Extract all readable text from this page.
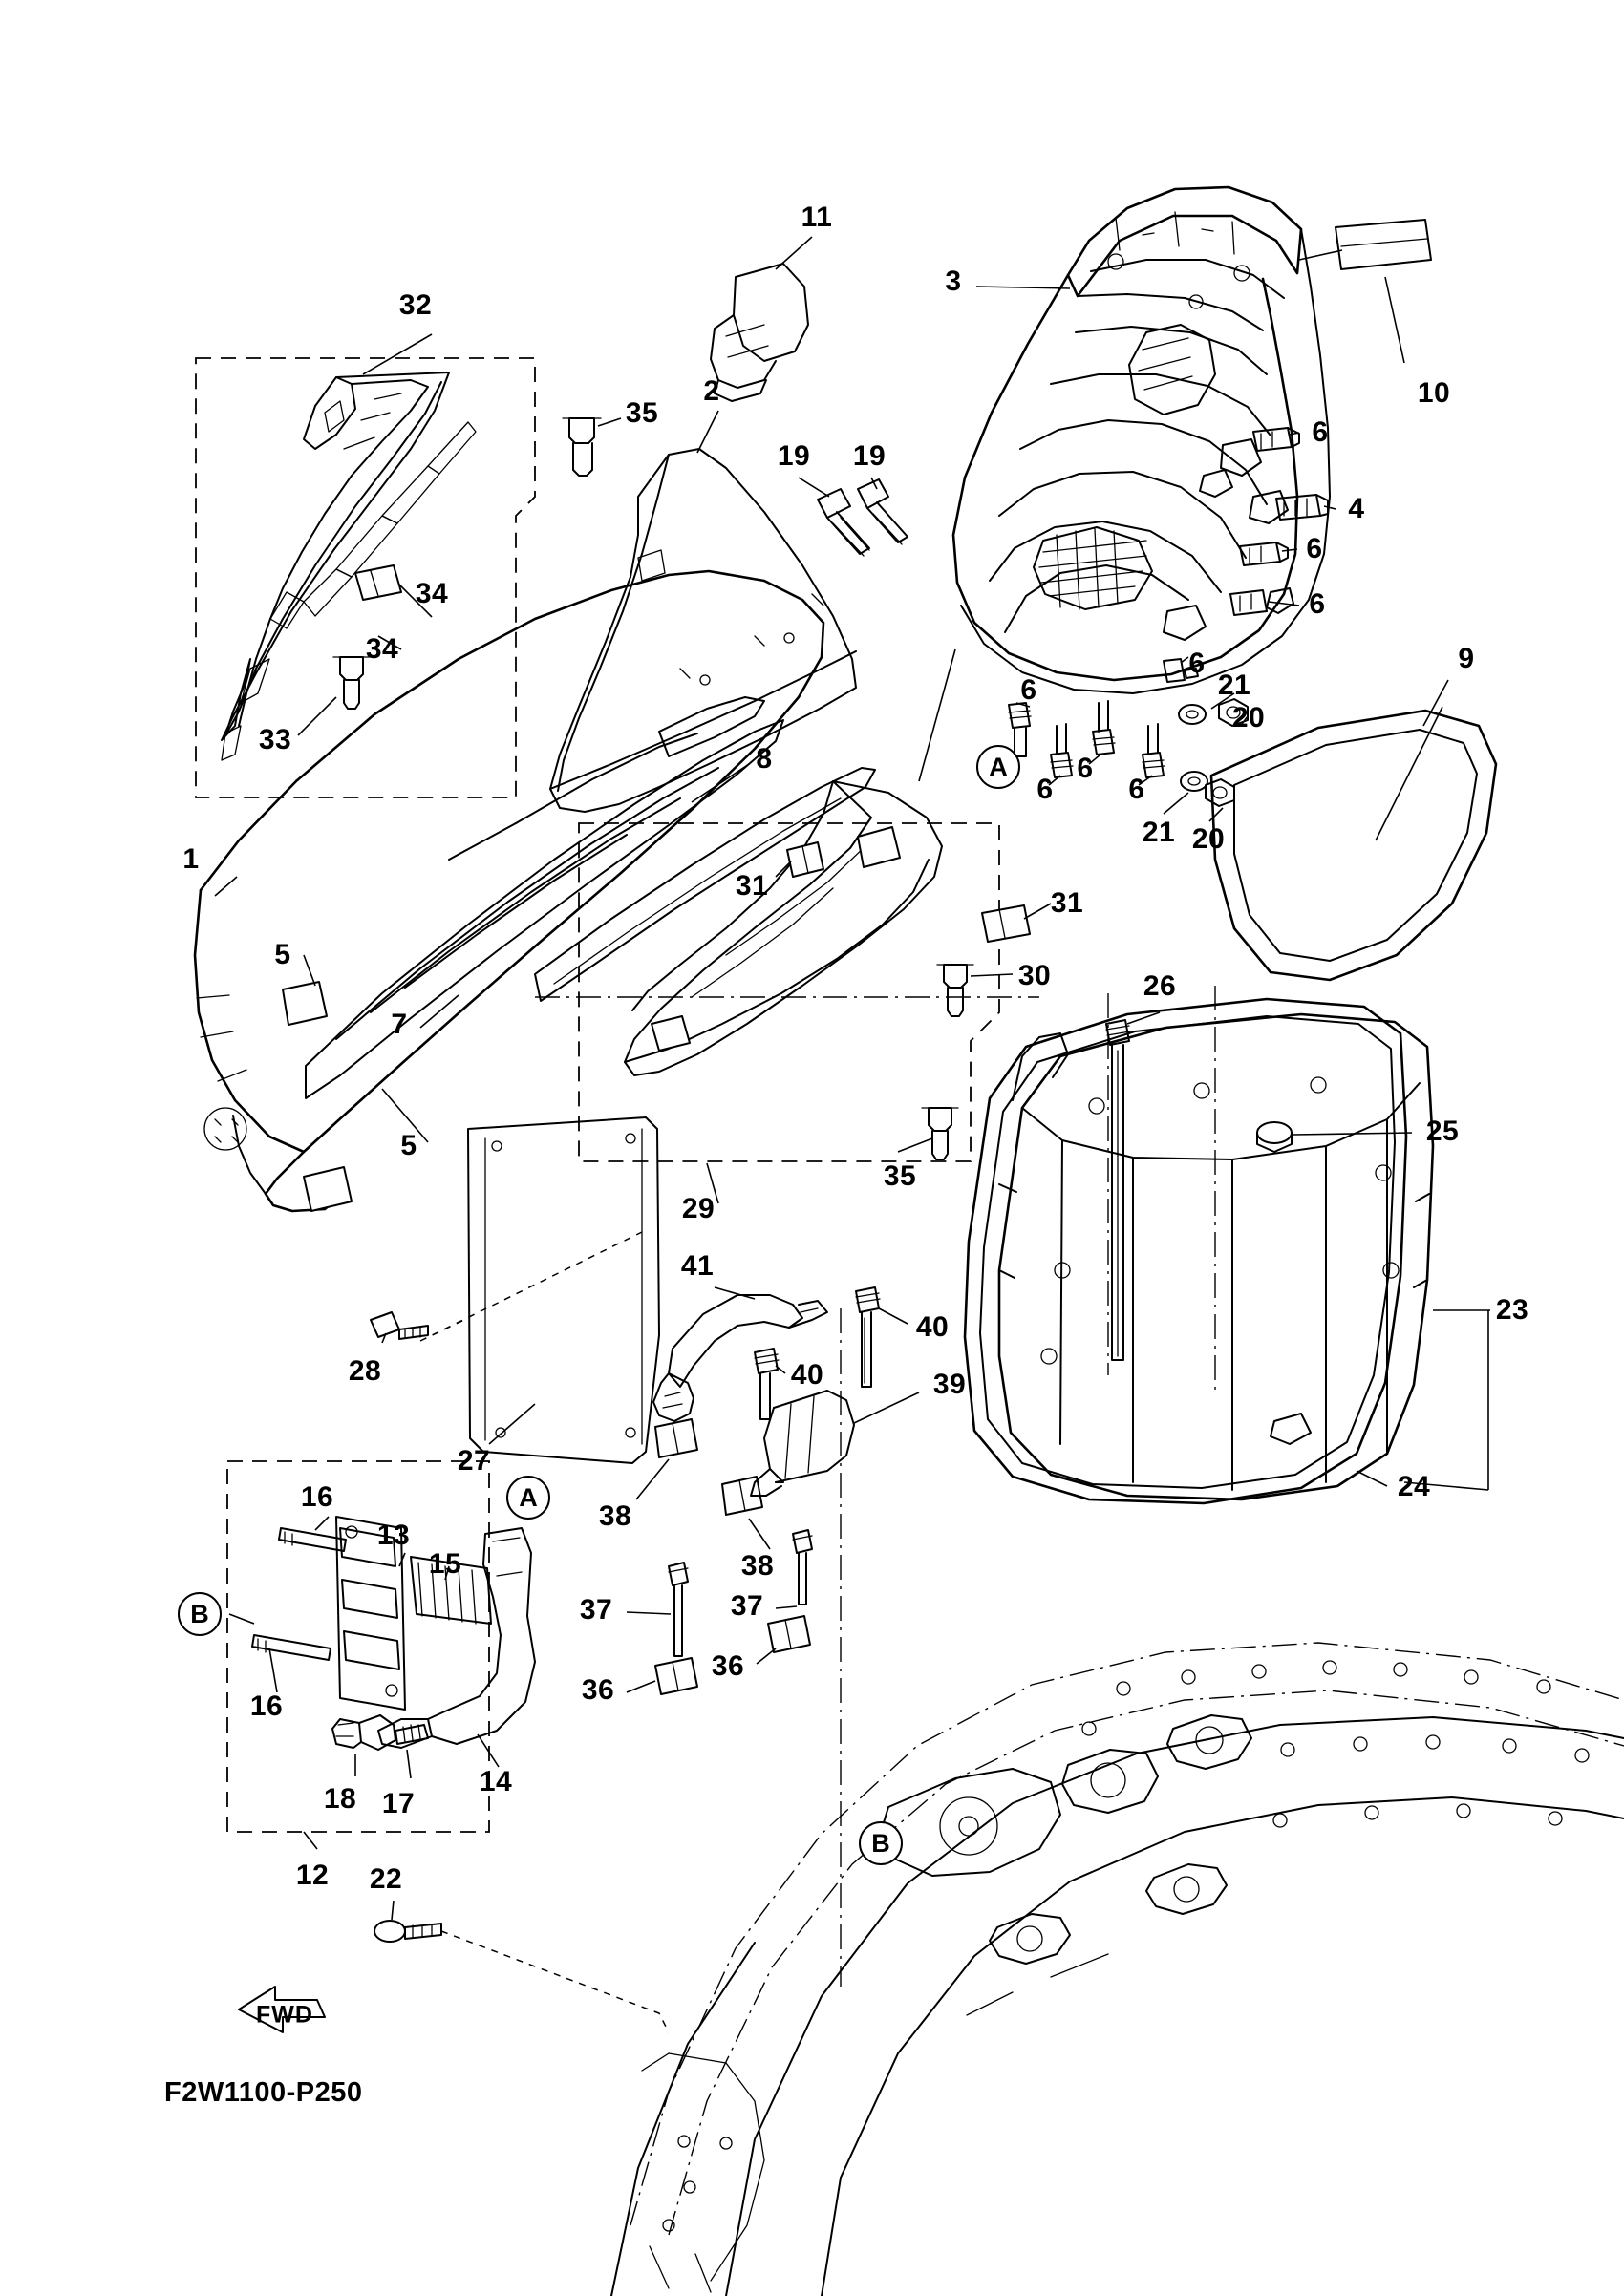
1
2
3
4
5
5
6
6
6
6
6
6
6
6
7
8
9
10
11
12
13
14
15
16
16
17
18
19 19
20
20
21
21
22
23
24
25
26
27
28
29
30
31
31
32
33
34
34
35
35
36
36
37	37
38
38
39
40
40
41
A
A
B
B
FWD
F2W1100-P250
